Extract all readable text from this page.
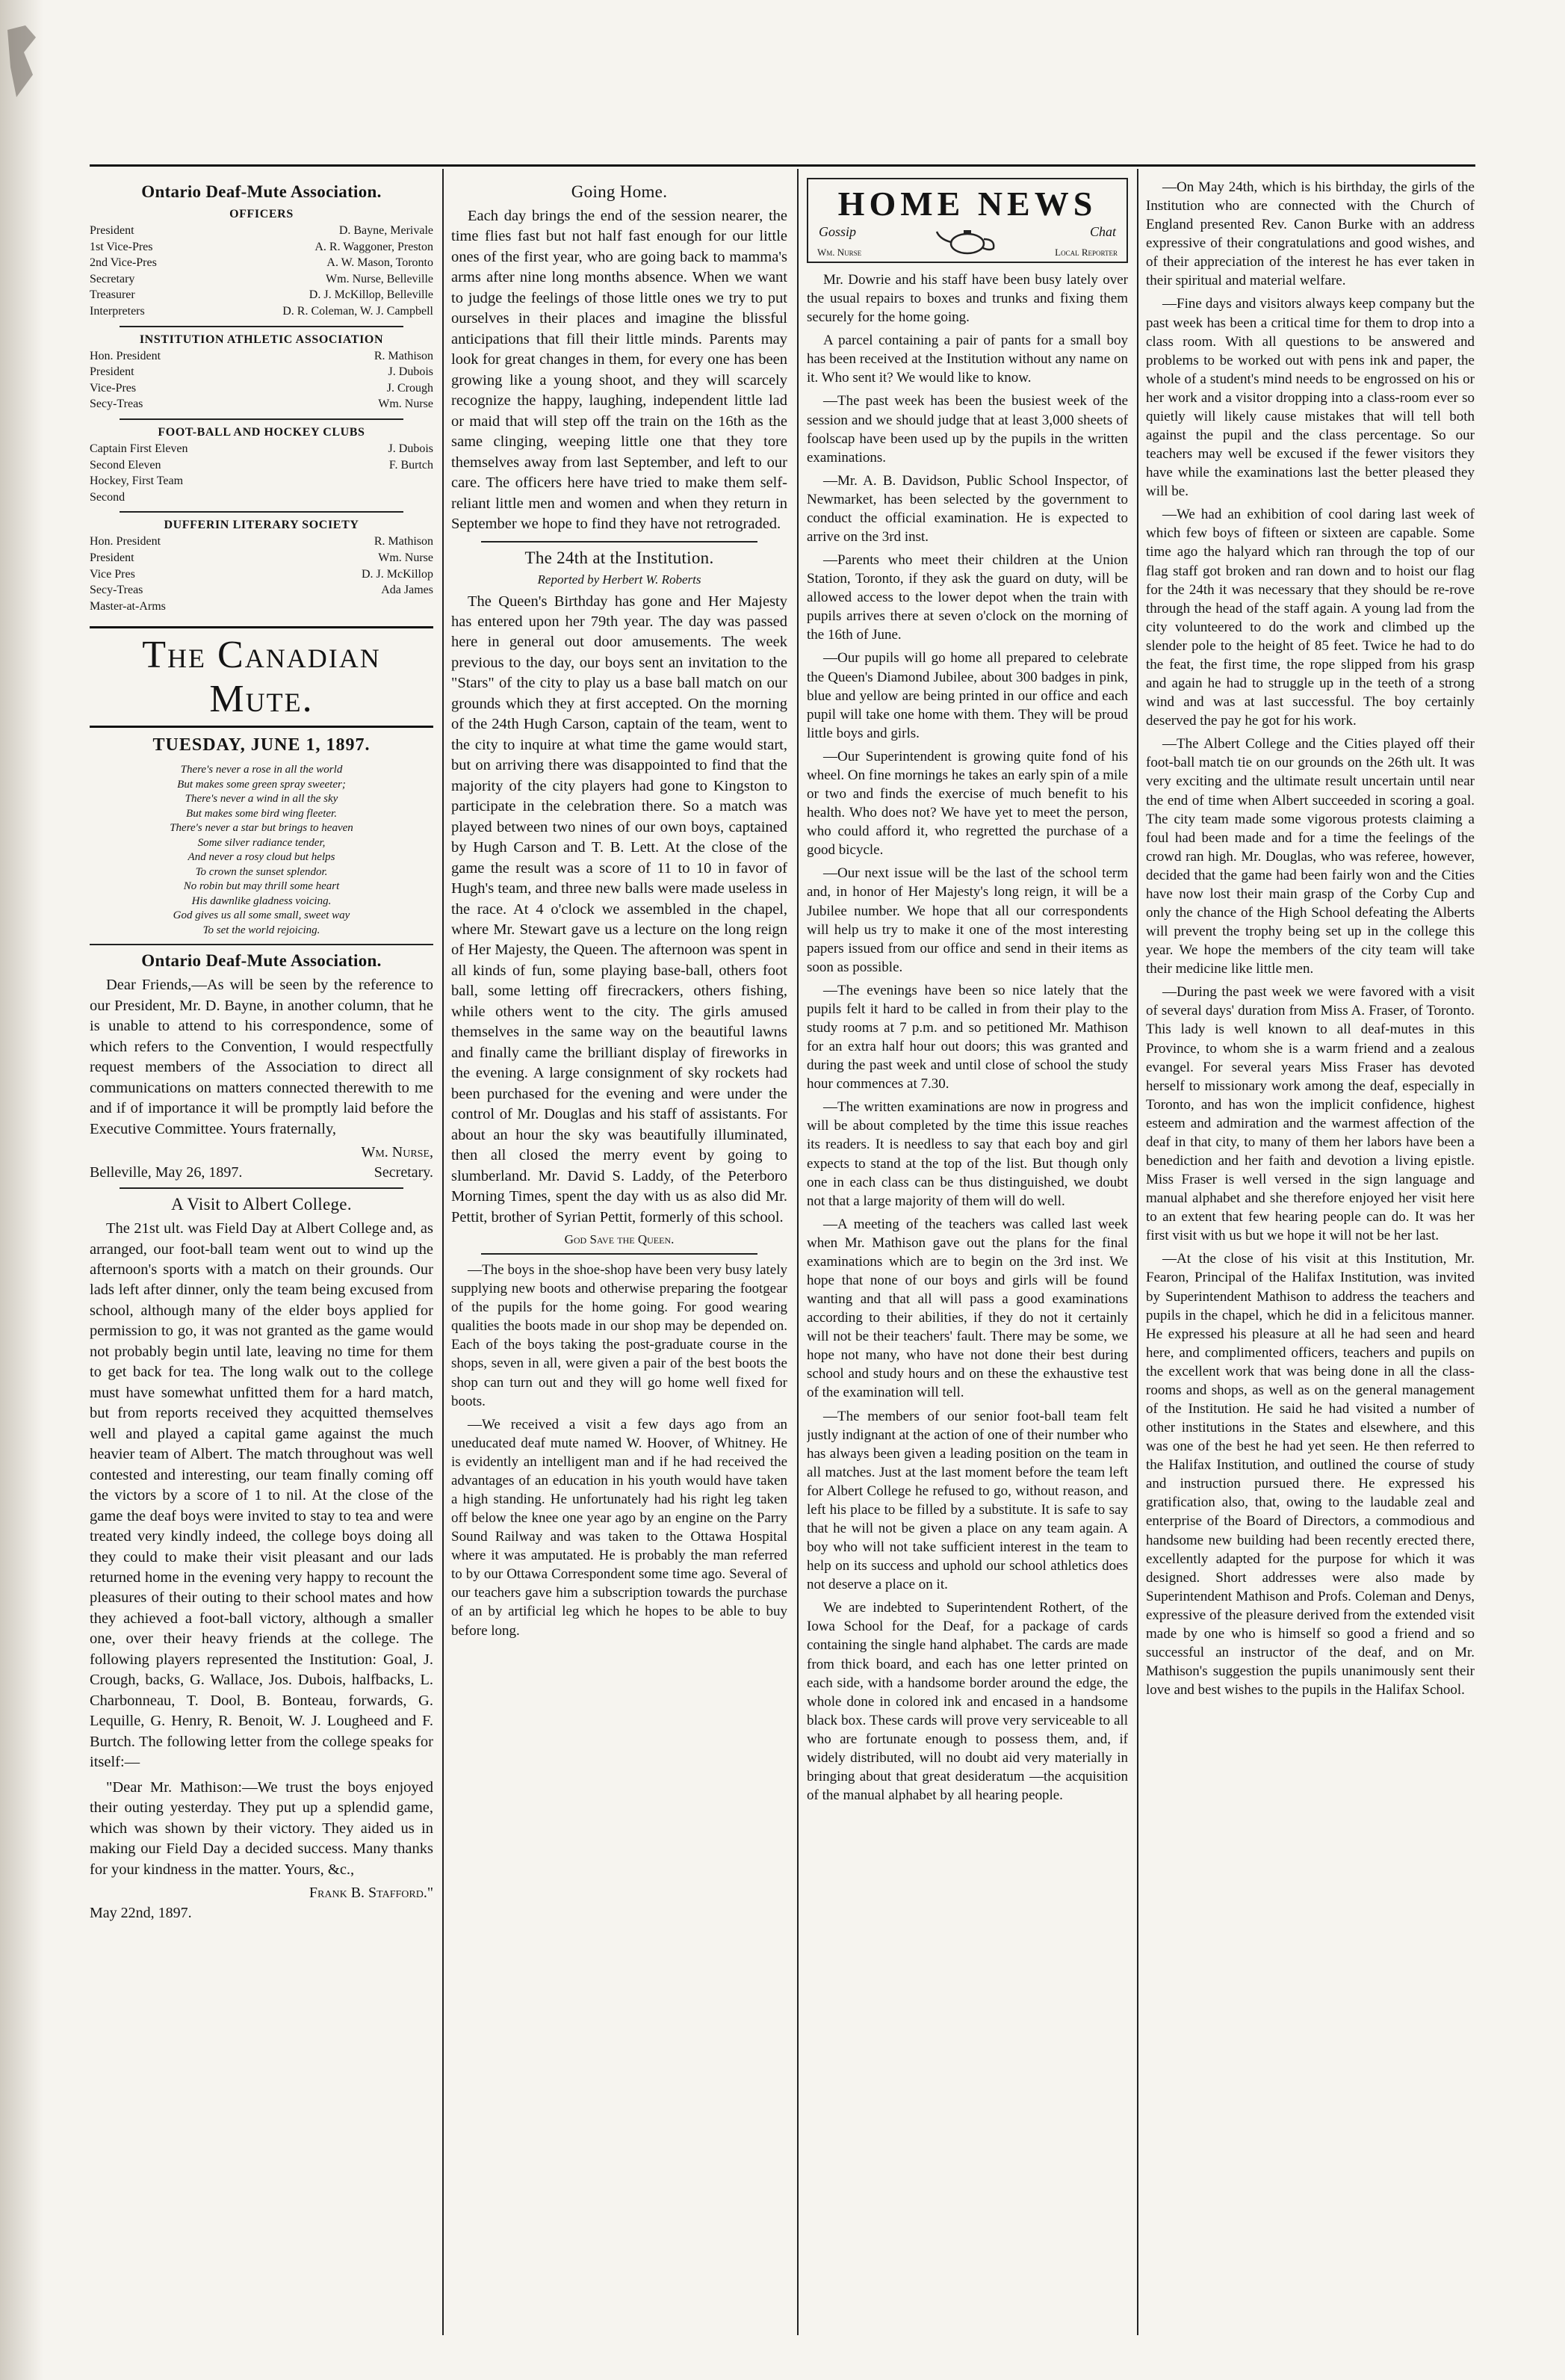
Ontario Deaf-Mute Association.
OFFICERS
President	D. Bayne, Merivale
1st Vice-Pres	A. R. Waggoner, Preston
2nd Vice-Pres	A. W. Mason, Toronto
Secretary	Wm. Nurse, Belleville
Treasurer	D. J. McKillop, Belleville
Interpreters	D. R. Coleman, W. J. Campbell
INSTITUTION ATHLETIC ASSOCIATION
Hon. President	R. Mathison
President	J. Dubois
Vice-Pres	J. Crough
Secy-Treas	Wm. Nurse
FOOT-BALL AND HOCKEY CLUBS
Captain First Eleven	J. Dubois
Second Eleven	F. Burtch
Hockey, First Team
Second
DUFFERIN LITERARY SOCIETY
Hon. President	R. Mathison
President	Wm. Nurse
Vice Pres	D. J. McKillop
Secy-Treas	Ada James
Master-at-Arms
The Canadian Mute.
TUESDAY, JUNE 1, 1897.
There's never a rose in all the world
But makes some green spray sweeter;
There's never a wind in all the sky
But makes some bird wing fleeter.
There's never a star but brings to heaven
Some silver radiance tender,
And never a rosy cloud but helps
To crown the sunset splendor.
No robin but may thrill some heart
His dawnlike gladness voicing.
God gives us all some small, sweet way
To set the world rejoicing.
Ontario Deaf-Mute Association.

Dear Friends,—As will be seen by the reference to our President, Mr. D. Bayne, in another column, that he is unable to attend to his correspondence, some of which refers to the Convention, I would respectfully request members of the Association to direct all communications on matters connected therewith to me and if of importance it will be promptly laid before the Executive Committee. Yours fraternally,

Wm. Nurse,
Belleville, May 26, 1897.	Secretary.
A Visit to Albert College.

The 21st ult. was Field Day at Albert College and, as arranged, our foot-ball team went out to wind up the afternoon's sports with a match on their grounds. Our lads left after dinner, only the team being excused from school, although many of the elder boys applied for permission to go, it was not granted as the game would not probably begin until late, leaving no time for them to get back for tea. The long walk out to the college must have somewhat unfitted them for a hard match, but from reports received they acquitted themselves well and played a capital game against the much heavier team of Albert. The match throughout was well contested and interesting, our team finally coming off the victors by a score of 1 to nil. At the close of the game the deaf boys were invited to stay to tea and were treated very kindly indeed, the college boys doing all they could to make their visit pleasant and our lads returned home in the evening very happy to recount the pleasures of their outing to their school mates and how they achieved a foot-ball victory, although a smaller one, over their heavy friends at the college. The following players represented the Institution: Goal, J. Crough, backs, G. Wallace, Jos. Dubois, halfbacks, L. Charbonneau, T. Dool, B. Bonteau, forwards, G. Lequille, G. Henry, R. Benoit, W. J. Lougheed and F. Burtch. The following letter from the college speaks for itself:—

"Dear Mr. Mathison:—We trust the boys enjoyed their outing yesterday. They put up a splendid game, which was shown by their victory. They aided us in making our Field Day a decided success. Many thanks for your kindness in the matter. Yours, &c.,

Frank B. Stafford."
May 22nd, 1897.
Going Home.

Each day brings the end of the session nearer, the time flies fast but not half fast enough for our little ones of the first year, who are going back to mamma's arms after nine long months absence. When we want to judge the feelings of those little ones we try to put ourselves in their places and imagine the blissful anticipations that fill their little minds. Parents may look for great changes in them, for every one has been growing like a young shoot, and they will scarcely recognize the happy, laughing, independent little lad or maid that will step off the train on the 16th as the same clinging, weeping little one that they tore themselves away from last September, and left to our care. The officers here have tried to make them self-reliant little men and women and when they return in September we hope to find they have not retrograded.

The 24th at the Institution.
Reported by Herbert W. Roberts

The Queen's Birthday has gone and Her Majesty has entered upon her 79th year. The day was passed here in general out door amusements. The week previous to the day, our boys sent an invitation to the "Stars" of the city to play us a base ball match on our grounds which they at first accepted. On the morning of the 24th Hugh Carson, captain of the team, went to the city to inquire at what time the game would start, but on arriving there was disappointed to find that the majority of the city players had gone to Kingston to participate in the celebration there. So a match was played between two nines of our own boys, captained by Hugh Carson and T. B. Lett. At the close of the game the result was a score of 11 to 10 in favor of Hugh's team, and three new balls were made useless in the race. At 4 o'clock we assembled in the chapel, where Mr. Stewart gave us a lecture on the long reign of Her Majesty, the Queen. The afternoon was spent in all kinds of fun, some playing base-ball, others foot ball, some letting off firecrackers, others fishing, while others went to the city. The girls amused themselves in the same way on the beautiful lawns and finally came the brilliant display of fireworks in the evening. A large consignment of sky rockets had been purchased for the evening and were under the control of Mr. Douglas and his staff of assistants. For about an hour the sky was beautifully illuminated, then all closed the merry event by going to slumberland. Mr. David S. Laddy, of the Peterboro Morning Times, spent the day with us as also did Mr. Pettit, brother of Syrian Pettit, formerly of this school.

God Save the Queen.

—The boys in the shoe-shop have been very busy lately supplying new boots and otherwise preparing the footgear of the pupils for the home going. For good wearing qualities the boots made in our shop may be depended on. Each of the boys taking the post-graduate course in the shops, seven in all, were given a pair of the best boots the shop can turn out and they will go home well fixed for boots.

—We received a visit a few days ago from an uneducated deaf mute named W. Hoover, of Whitney. He is evidently an intelligent man and if he had received the advantages of an education in his youth would have taken a high standing. He unfortunately had his right leg taken off below the knee one year ago by an engine on the Parry Sound Railway and was taken to the Ottawa Hospital where it was amputated. He is probably the man referred to by our Ottawa Correspondent some time ago. Several of our teachers gave him a subscription towards the purchase of an by artificial leg which he hopes to be able to buy before long.

HOME NEWS
Gossip	Chat
Wm. Nurse	Local Reporter

Mr. Dowrie and his staff have been busy lately over the usual repairs to boxes and trunks and fixing them securely for the home going.

A parcel containing a pair of pants for a small boy has been received at the Institution without any name on it. Who sent it? We would like to know.

—The past week has been the busiest week of the session and we should judge that at least 3,000 sheets of foolscap have been used up by the pupils in the written examinations.

—Mr. A. B. Davidson, Public School Inspector, of Newmarket, has been selected by the government to conduct the official examination. He is expected to arrive on the 3rd inst.

—Parents who meet their children at the Union Station, Toronto, if they ask the guard on duty, will be allowed access to the lower depot when the train with pupils arrives there at seven o'clock on the morning of the 16th of June.

—Our pupils will go home all prepared to celebrate the Queen's Diamond Jubilee, about 300 badges in pink, blue and yellow are being printed in our office and each pupil will take one home with them. They will be proud little boys and girls.

—Our Superintendent is growing quite fond of his wheel. On fine mornings he takes an early spin of a mile or two and finds the exercise of much benefit to his health. Who does not? We have yet to meet the person, who could afford it, who regretted the purchase of a good bicycle.

—Our next issue will be the last of the school term and, in honor of Her Majesty's long reign, it will be a Jubilee number. We hope that all our correspondents will help us try to make it one of the most interesting papers issued from our office and send in their items as soon as possible.

—The evenings have been so nice lately that the pupils felt it hard to be called in from their play to the study rooms at 7 p.m. and so petitioned Mr. Mathison for an extra half hour out doors; this was granted and during the past week and until close of school the study hour commences at 7.30.

—The written examinations are now in progress and will be about completed by the time this issue reaches its readers. It is needless to say that each boy and girl expects to stand at the top of the list. But though only one in each class can be thus distinguished, we doubt not that a large majority of them will do well.

—A meeting of the teachers was called last week when Mr. Mathison gave out the plans for the final examinations which are to begin on the 3rd inst. We hope that none of our boys and girls will be found wanting and that all will pass a good examinations according to their abilities, if they do not it certainly will not be their teachers' fault. There may be some, we hope not many, who have not done their best during school and study hours and on these the exhaustive test of the examination will tell.

—The members of our senior foot-ball team felt justly indignant at the action of one of their number who has always been given a leading position on the team in all matches. Just at the last moment before the team left for Albert College he refused to go, without reason, and left his place to be filled by a substitute. It is safe to say that he will not be given a place on any team again. A boy who will not take sufficient interest in the team to help on its success and uphold our school athletics does not deserve a place on it.

We are indebted to Superintendent Rothert, of the Iowa School for the Deaf, for a package of cards containing the single hand alphabet. The cards are made from thick board, and each has one letter printed on each side, with a handsome border around the edge, the whole done in colored ink and encased in a handsome black box. These cards will prove very serviceable to all who are fortunate enough to possess them, and, if widely distributed, will no doubt aid very materially in bringing about that great desideratum —the acquisition of the manual alphabet by all hearing people.

—On May 24th, which is his birthday, the girls of the Institution who are connected with the Church of England presented Rev. Canon Burke with an address expressive of their congratulations and good wishes, and of their appreciation of the interest he has ever taken in their spiritual and material welfare.

—Fine days and visitors always keep company but the past week has been a critical time for them to drop into a class room. With all questions to be answered and problems to be worked out with pens ink and paper, the whole of a student's mind needs to be engrossed on his or her work and a visitor dropping into a class-room ever so quietly will likely cause mistakes that will tell both against the pupil and the class percentage. So our teachers may well be excused if the fewer visitors they have while the examinations last the better pleased they will be.

—We had an exhibition of cool daring last week of which few boys of fifteen or sixteen are capable. Some time ago the halyard which ran through the top of our flag staff got broken and ran down and to hoist our flag for the 24th it was necessary that they should be re-rove through the head of the staff again. A young lad from the city volunteered to do the work and climbed up the slender pole to the height of 85 feet. Twice he had to do the feat, the first time, the rope slipped from his grasp and again he had to struggle up in the teeth of a strong wind and was at last successful. The boy certainly deserved the pay he got for his work.

—The Albert College and the Cities played off their foot-ball match tie on our grounds on the 26th ult. It was very exciting and the ultimate result uncertain until near the end of time when Albert succeeded in scoring a goal. The city team made some vigorous protests claiming a foul had been made and for a time the feelings of the crowd ran high. Mr. Douglas, who was referee, however, decided that the game had been fairly won and the Cities have now lost their main grasp of the Corby Cup and only the chance of the High School defeating the Alberts will prevent the trophy being set up in the college this year. We hope the members of the city team will take their medicine like little men.

—During the past week we were favored with a visit of several days' duration from Miss A. Fraser, of Toronto. This lady is well known to all deaf-mutes in this Province, to whom she is a warm friend and a zealous evangel. For several years Miss Fraser has devoted herself to missionary work among the deaf, especially in Toronto, and has won the implicit confidence, highest esteem and admiration and the warmest affection of the deaf in that city, to many of them her labors have been a benediction and her faith and devotion a living epistle. Miss Fraser is well versed in the sign language and manual alphabet and she therefore enjoyed her visit here to an extent that few hearing people can do. It was her first visit with us but we hope it will not be her last.

—At the close of his visit at this Institution, Mr. Fearon, Principal of the Halifax Institution, was invited by Superintendent Mathison to address the teachers and pupils in the chapel, which he did in a felicitous manner. He expressed his pleasure at all he had seen and heard here, and complimented officers, teachers and pupils on the excellent work that was being done in all the class-rooms and shops, as well as on the general management of the Institution. He said he had visited a number of other institutions in the States and elsewhere, and this was one of the best he had yet seen. He then referred to the Halifax Institution, and outlined the course of study and instruction pursued there. He expressed his gratification also, that, owing to the laudable zeal and enterprise of the Board of Directors, a commodious and handsome new building had been recently erected there, excellently adapted for the purpose for which it was designed. Short addresses were also made by Superintendent Mathison and Profs. Coleman and Denys, expressive of the pleasure derived from the extended visit made by one who is himself so good a friend and so successful an instructor of the deaf, and on Mr. Mathison's suggestion the pupils unanimously sent their love and best wishes to the pupils in the Halifax School.
